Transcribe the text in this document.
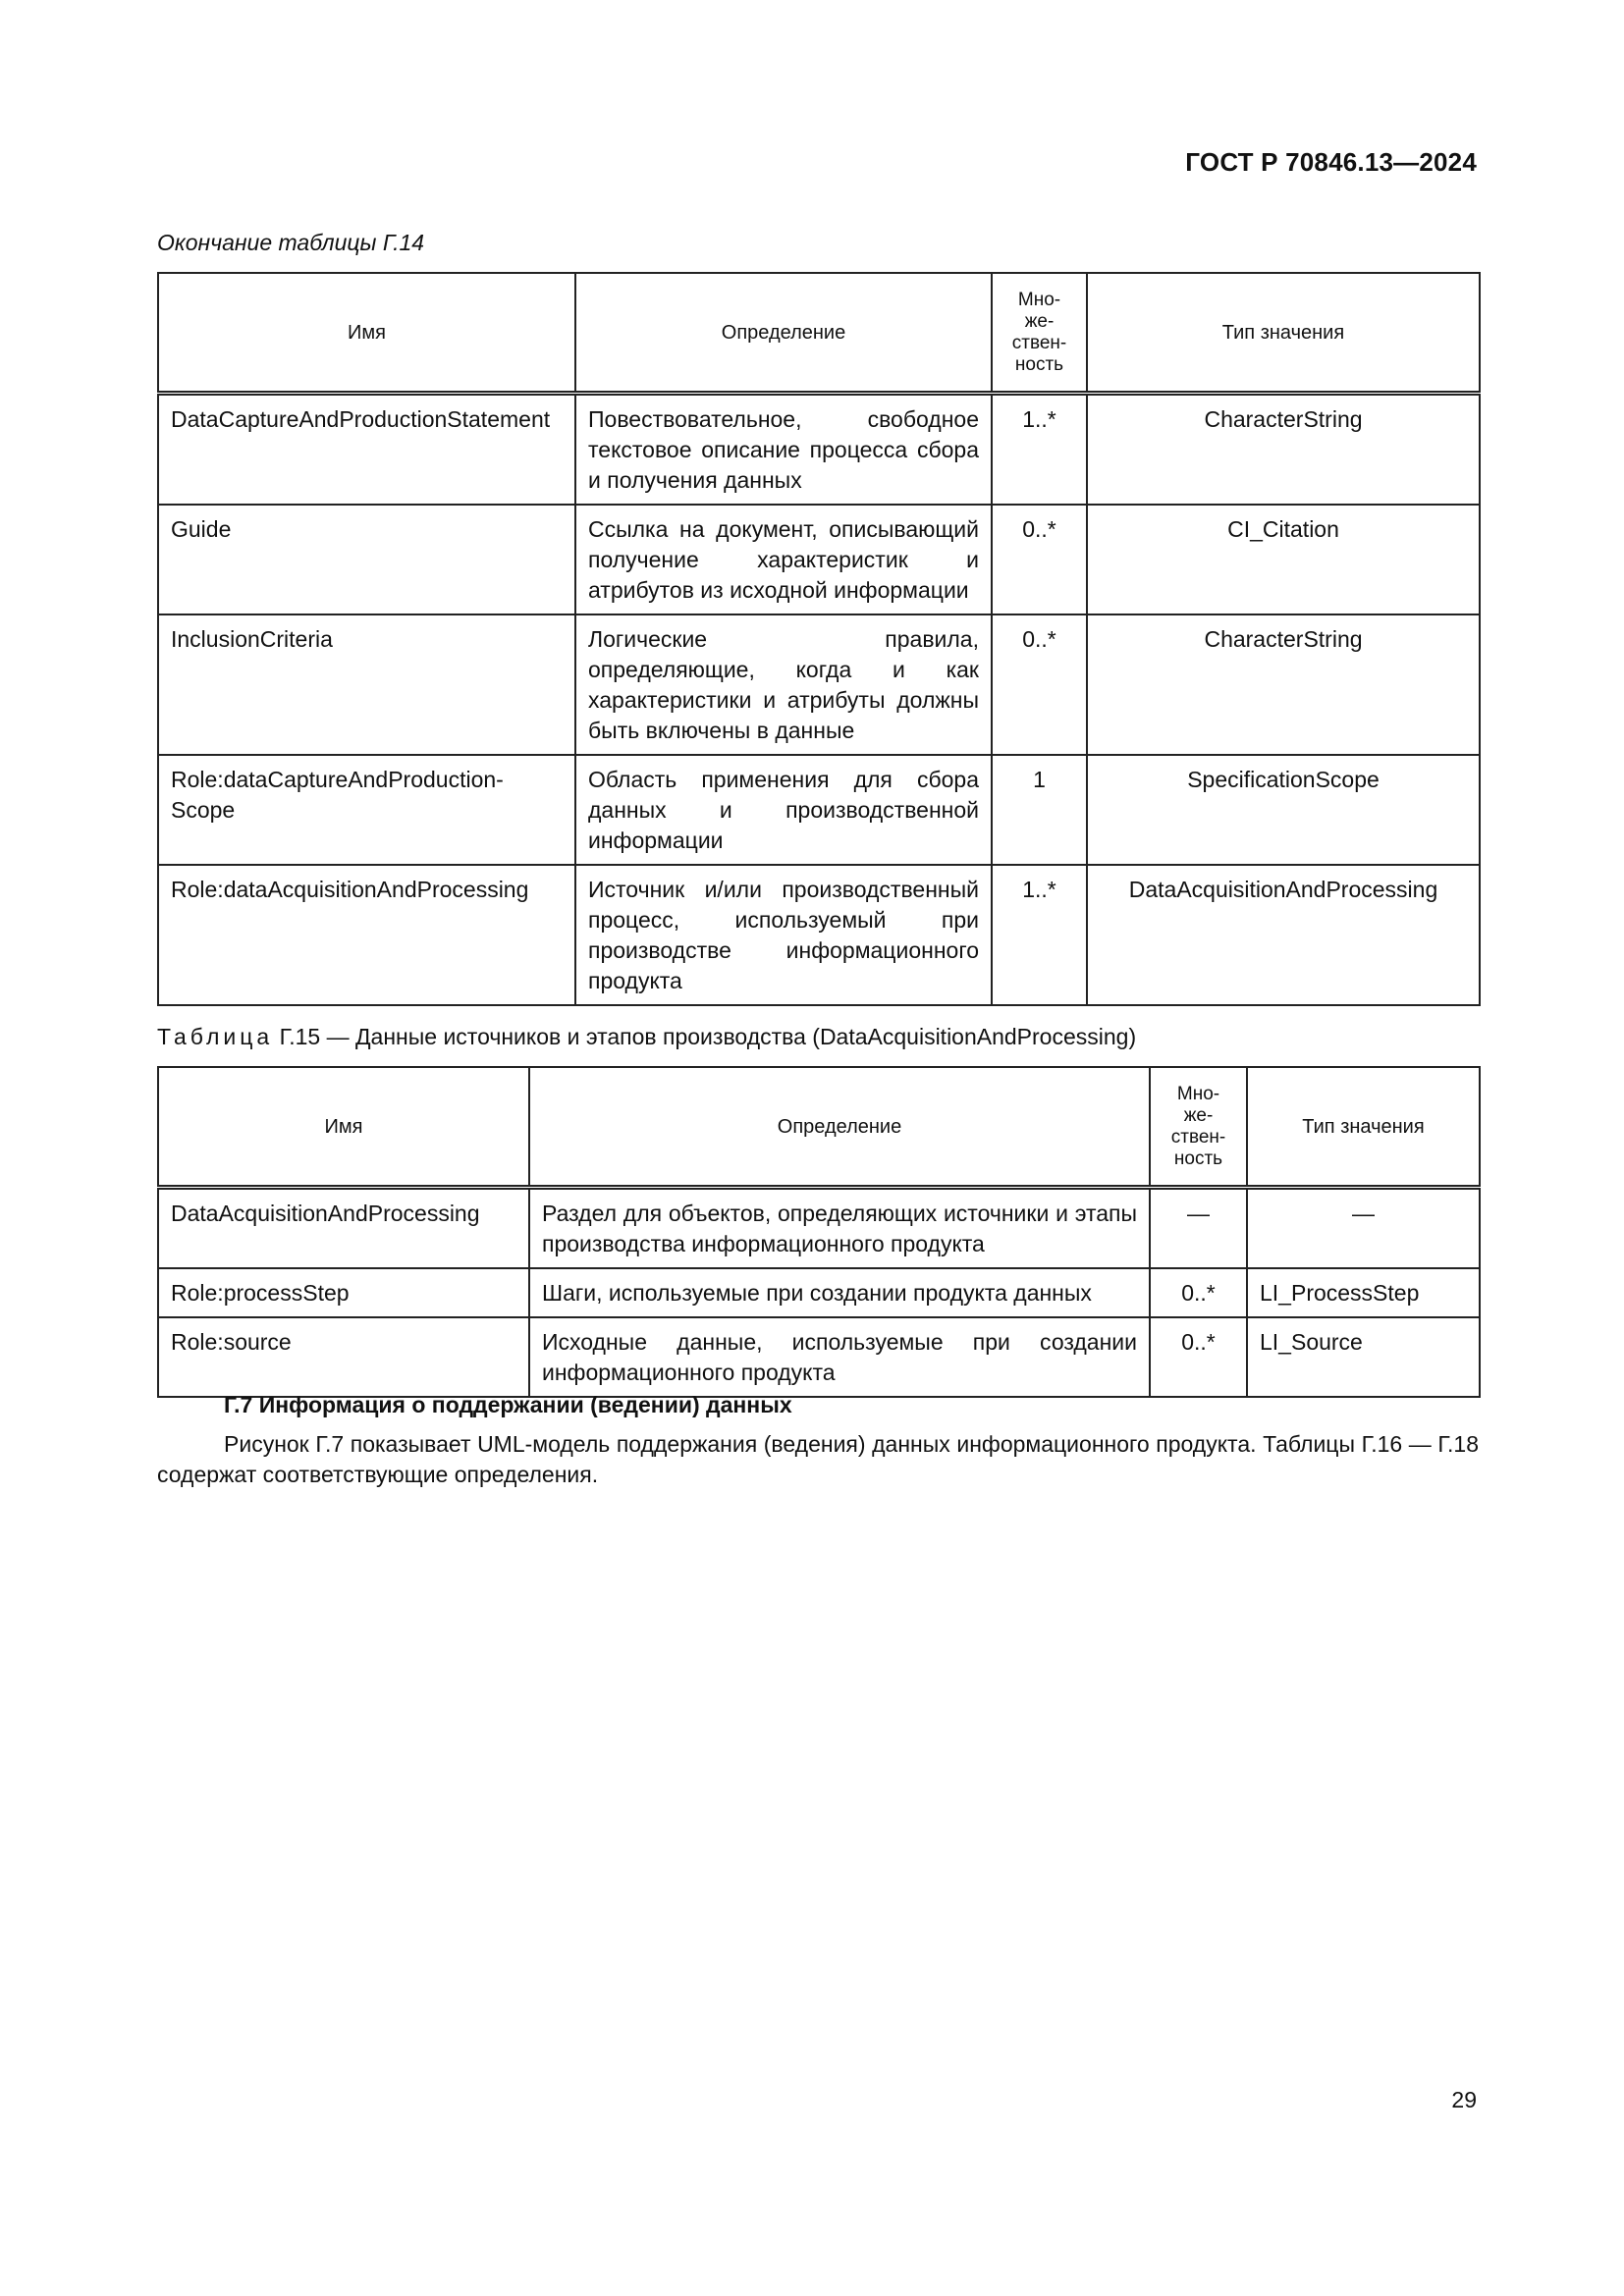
ГОСТ Р 70846.13—2024
Окончание таблицы Г.14
Имя	Определение	Мно-
же-
ствен-
ность	Тип значения
DataCaptureAndProductionStatement	Повествовательное, свободное текстовое описание процесса сбора и получения данных	1..*	CharacterString
Guide	Ссылка на документ, описывающий получение характеристик и атрибутов из исходной информации	0..*	CI_Citation
InclusionCriteria	Логические правила, определяющие, когда и как характеристики и атрибуты должны быть включены в данные	0..*	CharacterString
Role:dataCaptureAndProduction-Scope	Область применения для сбора данных и производственной информации	1	SpecificationScope
Role:dataAcquisitionAndProcessing	Источник и/или производственный процесс, используемый при производстве информационного продукта	1..*	DataAcquisitionAndProcessing
Таблица Г.15 — Данные источников и этапов производства (DataAcquisitionAndProcessing)
Имя	Определение	Мно-
же-
ствен-
ность	Тип значения
DataAcquisitionAndProcessing	Раздел для объектов, определяющих источники и этапы производства информационного продукта	—	—
Role:processStep	Шаги, используемые при создании продукта данных	0..*	LI_ProcessStep
Role:source	Исходные данные, используемые при создании информационного продукта	0..*	LI_Source
Г.7 Информация о поддержании (ведении) данных
Рисунок Г.7 показывает UML-модель поддержания (ведения) данных информационного продукта. Таблицы Г.16 — Г.18 содержат соответствующие определения.
29
